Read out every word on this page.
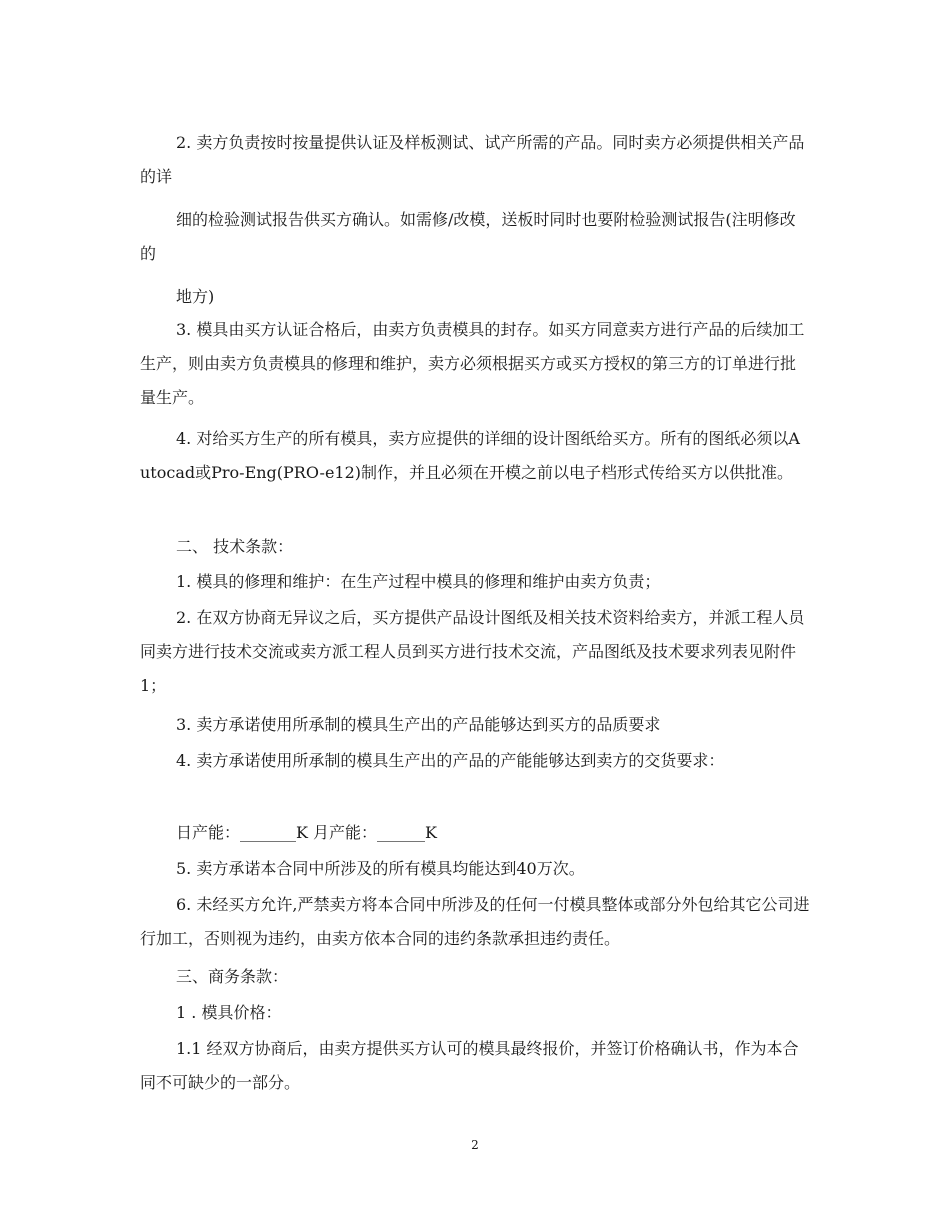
2. 卖方负责按时按量提供认证及样板测试、试产所需的产品。同时卖方必须提供相关产品的详

细的检验测试报告供买方确认。如需修/改模，送板时同时也要附检验测试报告(注明修改的

地方)

3. 模具由买方认证合格后，由卖方负责模具的封存。如买方同意卖方进行产品的后续加工生产，则由卖方负责模具的修理和维护，卖方必须根据买方或买方授权的第三方的订单进行批量生产。

4. 对给买方生产的所有模具，卖方应提供的详细的设计图纸给买方。所有的图纸必须以Autocad或Pro-Eng(PRO-e12)制作，并且必须在开模之前以电子档形式传给买方以供批准。

二、 技术条款：

1. 模具的修理和维护：在生产过程中模具的修理和维护由卖方负责；

2. 在双方协商无异议之后，买方提供产品设计图纸及相关技术资料给卖方，并派工程人员同卖方进行技术交流或卖方派工程人员到买方进行技术交流，产品图纸及技术要求列表见附件1；

3. 卖方承诺使用所承制的模具生产出的产品能够达到买方的品质要求

4. 卖方承诺使用所承制的模具生产出的产品的产能能够达到卖方的交货要求：

日产能：_______K 月产能：______K

5. 卖方承诺本合同中所涉及的所有模具均能达到40万次。

6. 未经买方允许,严禁卖方将本合同中所涉及的任何一付模具整体或部分外包给其它公司进行加工，否则视为违约，由卖方依本合同的违约条款承担违约责任。

三、商务条款：

1 . 模具价格：

1.1 经双方协商后，由卖方提供买方认可的模具最终报价，并签订价格确认书，作为本合同不可缺少的一部分。

2
